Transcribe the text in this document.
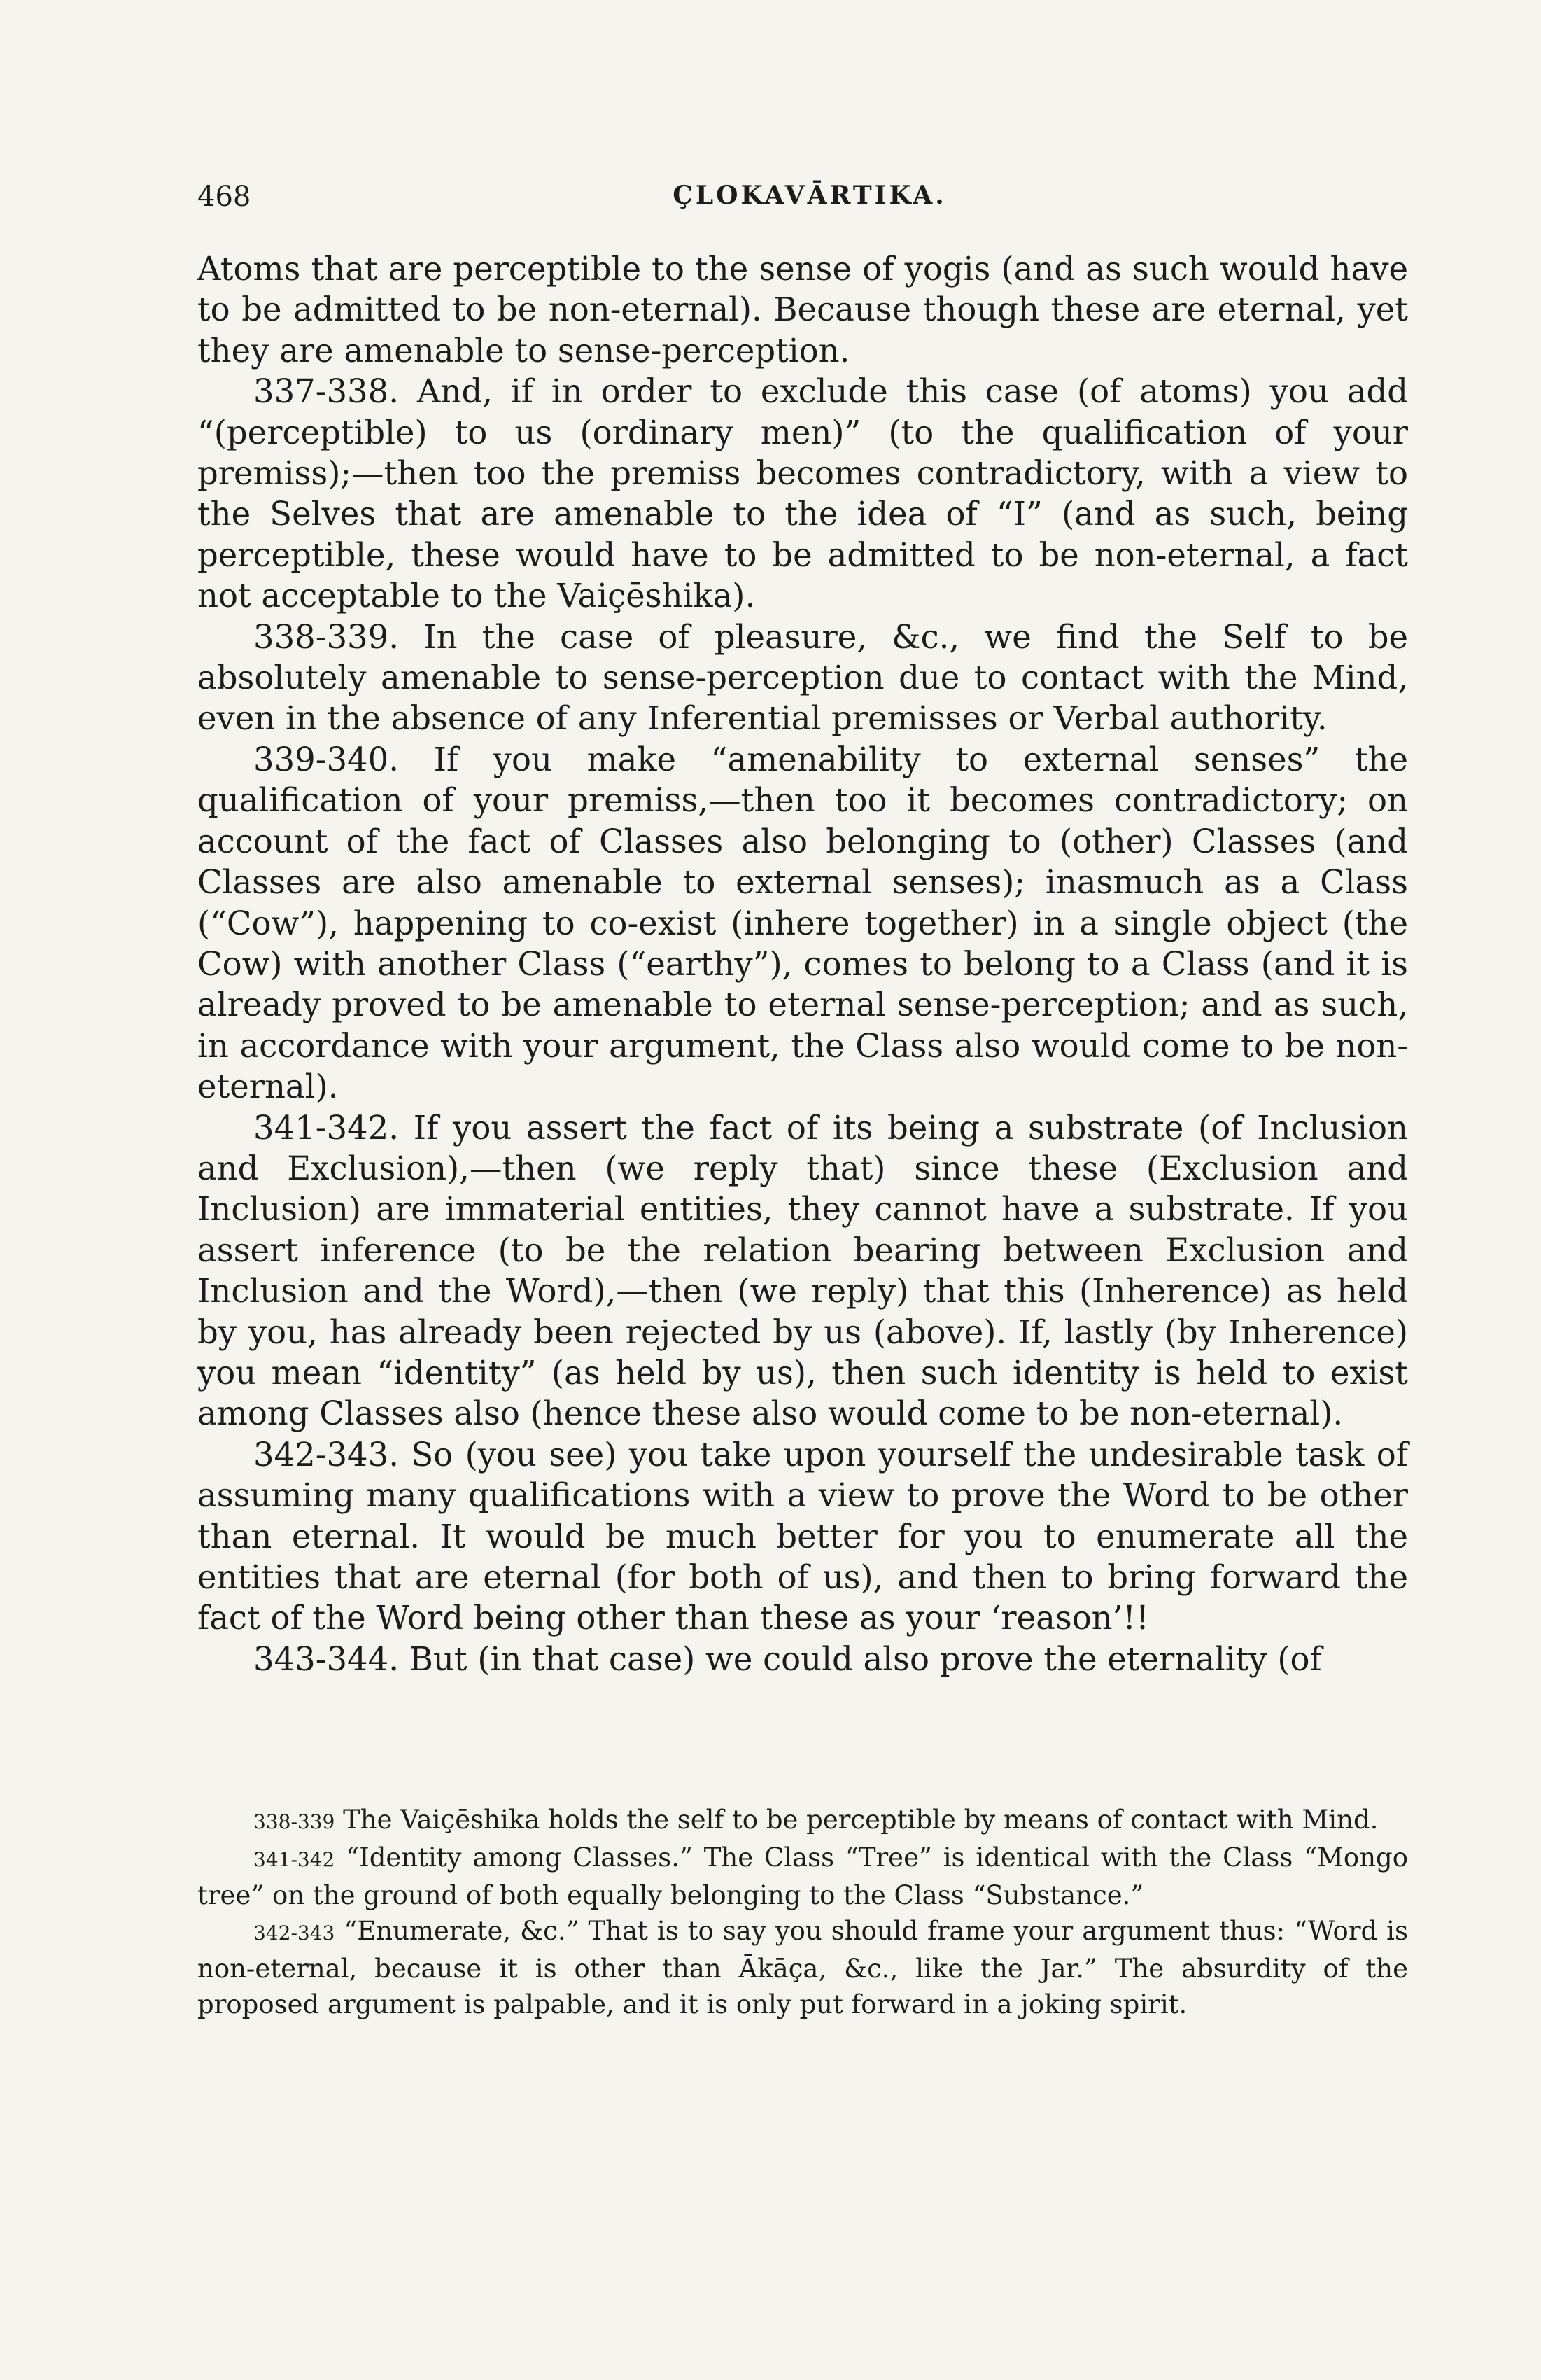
468	ÇLOKAVĀRTIKA.

Atoms that are perceptible to the sense of yogis (and as such would have to be admitted to be non-eternal). Because though these are eternal, yet they are amenable to sense-perception.

337-338. And, if in order to exclude this case (of atoms) you add “(perceptible) to us (ordinary men)” (to the qualification of your premiss);—then too the premiss becomes contradictory, with a view to the Selves that are amenable to the idea of “I” (and as such, being perceptible, these would have to be admitted to be non-eternal, a fact not acceptable to the Vaiçēshika).

338-339. In the case of pleasure, &c., we find the Self to be absolutely amenable to sense-perception due to contact with the Mind, even in the absence of any Inferential premisses or Verbal authority.

339-340. If you make “amenability to external senses” the qualification of your premiss,—then too it becomes contradictory; on account of the fact of Classes also belonging to (other) Classes (and Classes are also amenable to external senses); inasmuch as a Class (“Cow”), happening to co-exist (inhere together) in a single object (the Cow) with another Class (“earthy”), comes to belong to a Class (and it is already proved to be amenable to eternal sense-perception; and as such, in accordance with your argument, the Class also would come to be non-eternal).

341-342. If you assert the fact of its being a substrate (of Inclusion and Exclusion),—then (we reply that) since these (Exclusion and Inclusion) are immaterial entities, they cannot have a substrate. If you assert inference (to be the relation bearing between Exclusion and Inclusion and the Word),—then (we reply) that this (Inherence) as held by you, has already been rejected by us (above). If, lastly (by Inherence) you mean “identity” (as held by us), then such identity is held to exist among Classes also (hence these also would come to be non-eternal).

342-343. So (you see) you take upon yourself the undesirable task of assuming many qualifications with a view to prove the Word to be other than eternal. It would be much better for you to enumerate all the entities that are eternal (for both of us), and then to bring forward the fact of the Word being other than these as your ‘reason’!!

343-344. But (in that case) we could also prove the eternality (of

338-339 The Vaiçēshika holds the self to be perceptible by means of contact with Mind.

341-342 “Identity among Classes.” The Class “Tree” is identical with the Class “Mongo tree” on the ground of both equally belonging to the Class “Substance.”

342-343 “Enumerate, &c.” That is to say you should frame your argument thus: “Word is non-eternal, because it is other than Ākāça, &c., like the Jar.” The absurdity of the proposed argument is palpable, and it is only put forward in a joking spirit.
